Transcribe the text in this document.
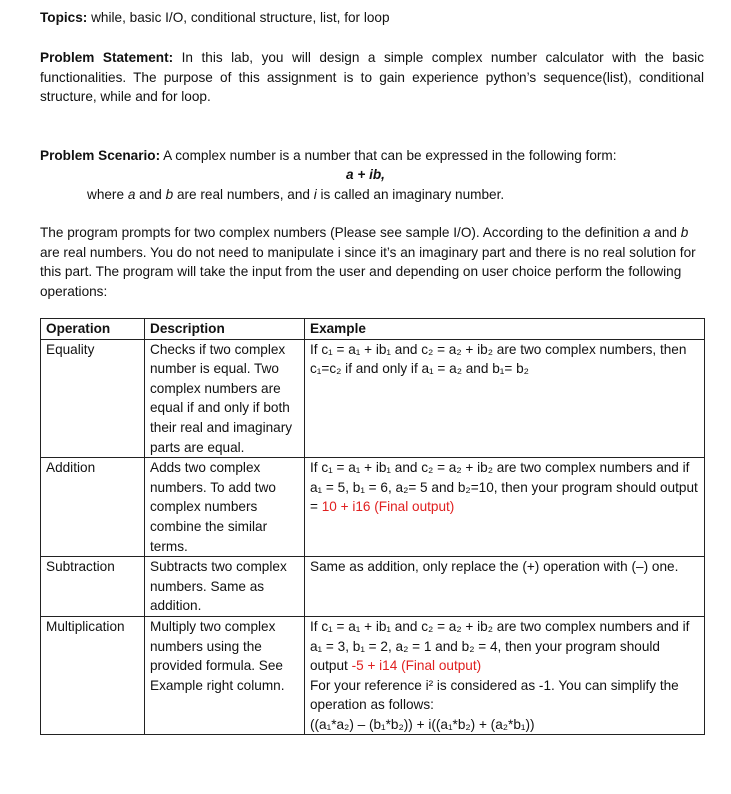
Topics: while, basic I/O, conditional structure, list, for loop
Problem Statement: In this lab, you will design a simple complex number calculator with the basic functionalities. The purpose of this assignment is to gain experience python’s sequence(list), conditional structure, while and for loop.
Problem Scenario: A complex number is a number that can be expressed in the following form:
a + ib,
where a and b are real numbers, and i is called an imaginary number.
The program prompts for two complex numbers (Please see sample I/O). According to the definition a and b are real numbers. You do not need to manipulate i since it’s an imaginary part and there is no real solution for this part. The program will take the input from the user and depending on user choice perform the following operations:
Operation	Description	Example
Equality	Checks if two complex number is equal. Two complex numbers are equal if and only if both their real and imaginary parts are equal.	If c₁ = a₁ + ib₁ and c₂ = a₂ + ib₂ are two complex numbers, then c₁=c₂ if and only if a₁ = a₂ and b₁= b₂
Addition	Adds two complex numbers. To add two complex numbers combine the similar terms.	If c₁ = a₁ + ib₁ and c₂ = a₂ + ib₂ are two complex numbers and if a₁ = 5, b₁ = 6, a₂= 5 and b₂=10, then your program should output = 10 + i16 (Final output)
Subtraction	Subtracts two complex numbers. Same as addition.	Same as addition, only replace the (+) operation with (–) one.
Multiplication	Multiply two complex numbers using the provided formula. See Example right column.	If c₁ = a₁ + ib₁ and c₂ = a₂ + ib₂ are two complex numbers and if a₁ = 3, b₁ = 2, a₂ = 1 and b₂ = 4, then your program should output -5 + i14 (Final output)

For your reference i² is considered as -1. You can simplify the operation as follows:

((a₁*a₂) – (b₁*b₂)) + i((a₁*b₂) + (a₂*b₁))
